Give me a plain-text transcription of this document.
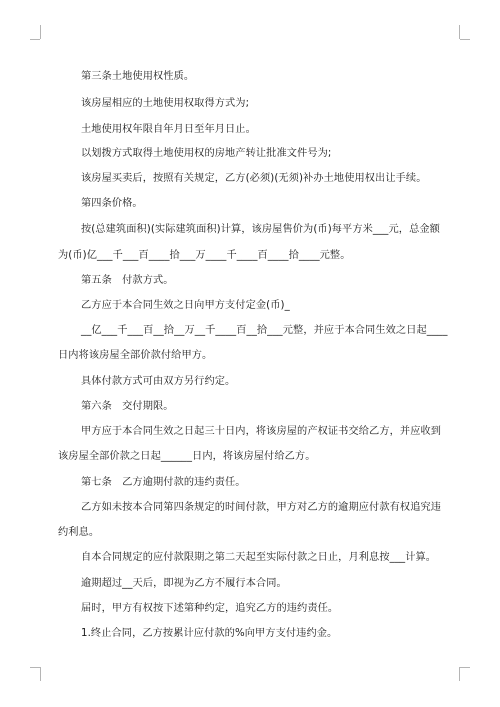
第三条土地使用权性质。
该房屋相应的土地使用权取得方式为;
土地使用权年限自年月日至年月日止。
以划拨方式取得土地使用权的房地产转让批准文件号为;
该房屋买卖后，按照有关规定，乙方(必须)(无须)补办土地使用权出让手续。
第四条价格。
按(总建筑面积)(实际建筑面积)计算，该房屋售价为(币)每平方米___元，总金额
为(币)亿___千___百____拾___万____千____百____拾____元整。
第五条　付款方式。
乙方应于本合同生效之日向甲方支付定金(币)_
__亿___千___百__拾__万__千____百__拾___元整，并应于本合同生效之日起____
日内将该房屋全部价款付给甲方。
具体付款方式可由双方另行约定。
第六条　交付期限。
甲方应于本合同生效之日起三十日内，将该房屋的产权证书交给乙方，并应收到
该房屋全部价款之日起______日内，将该房屋付给乙方。
第七条　乙方逾期付款的违约责任。
乙方如未按本合同第四条规定的时间付款，甲方对乙方的逾期应付款有权追究违
约利息。
自本合同规定的应付款限期之第二天起至实际付款之日止，月利息按___计算。
逾期超过__天后，即视为乙方不履行本合同。
届时，甲方有权按下述第种约定，追究乙方的违约责任。
1.终止合同，乙方按累计应付款的%向甲方支付违约金。
